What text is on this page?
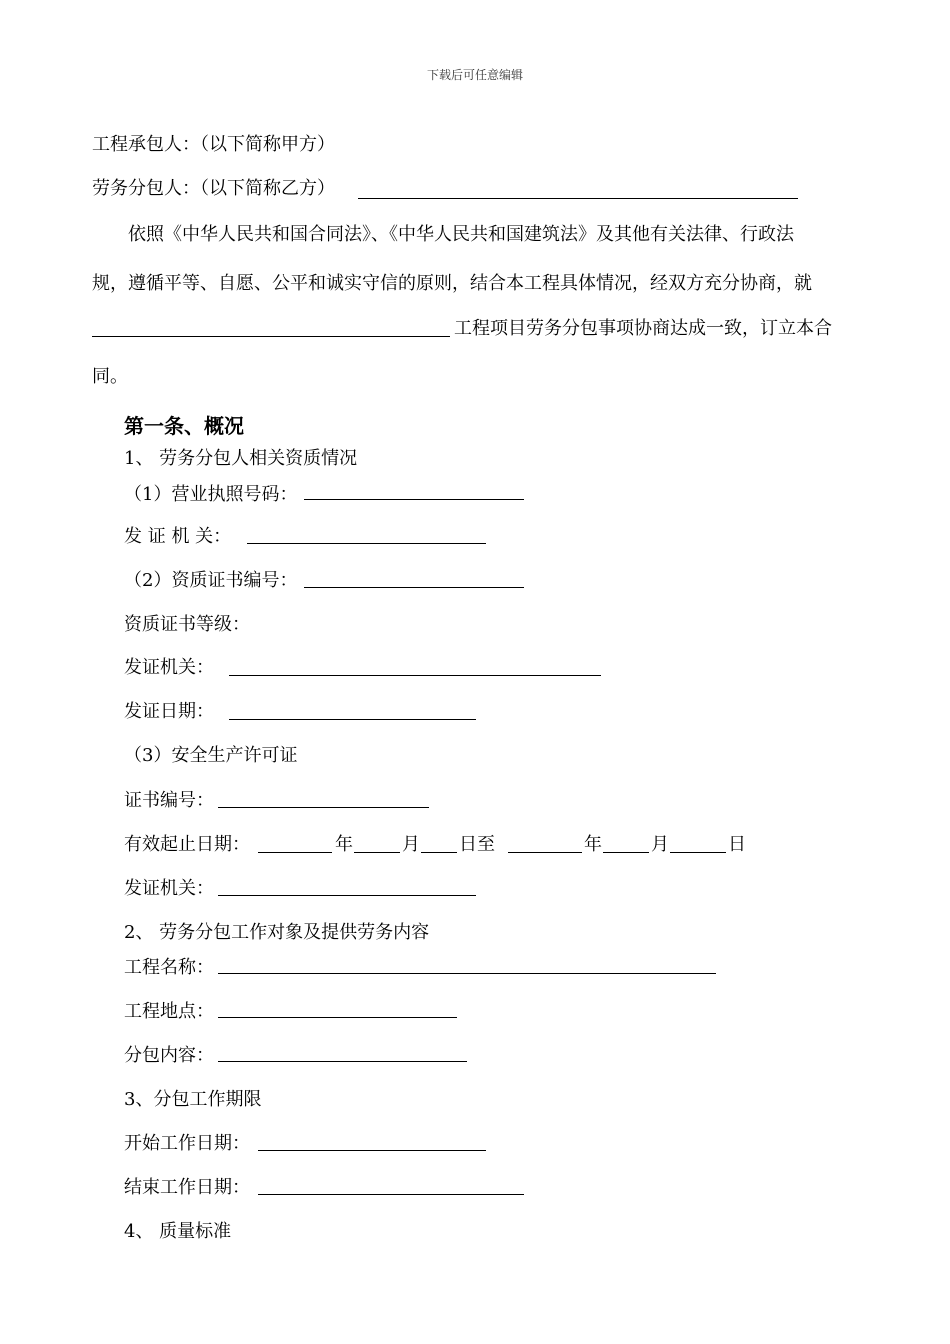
下载后可任意编辑
工程承包人：（以下简称甲方）
劳务分包人：（以下简称乙方）
依照《中华人民共和国合同法》、《中华人民共和国建筑法》及其他有关法律、行政法
规，遵循平等、自愿、公平和诚实守信的原则，结合本工程具体情况，经双方充分协商，就
工程项目劳务分包事项协商达成一致，订立本合
同。
第一条、概况
1、 劳务分包人相关资质情况
（1）营业执照号码：
发 证 机 关：
（2）资质证书编号：
资质证书等级：
发证机关：
发证日期：
（3）安全生产许可证
证书编号：
有效起止日期：	年	月 日至	年	月	日
发证机关：
2、 劳务分包工作对象及提供劳务内容
工程名称：
工程地点：
分包内容：
3、分包工作期限
开始工作日期：
结束工作日期：
4、 质量标准
